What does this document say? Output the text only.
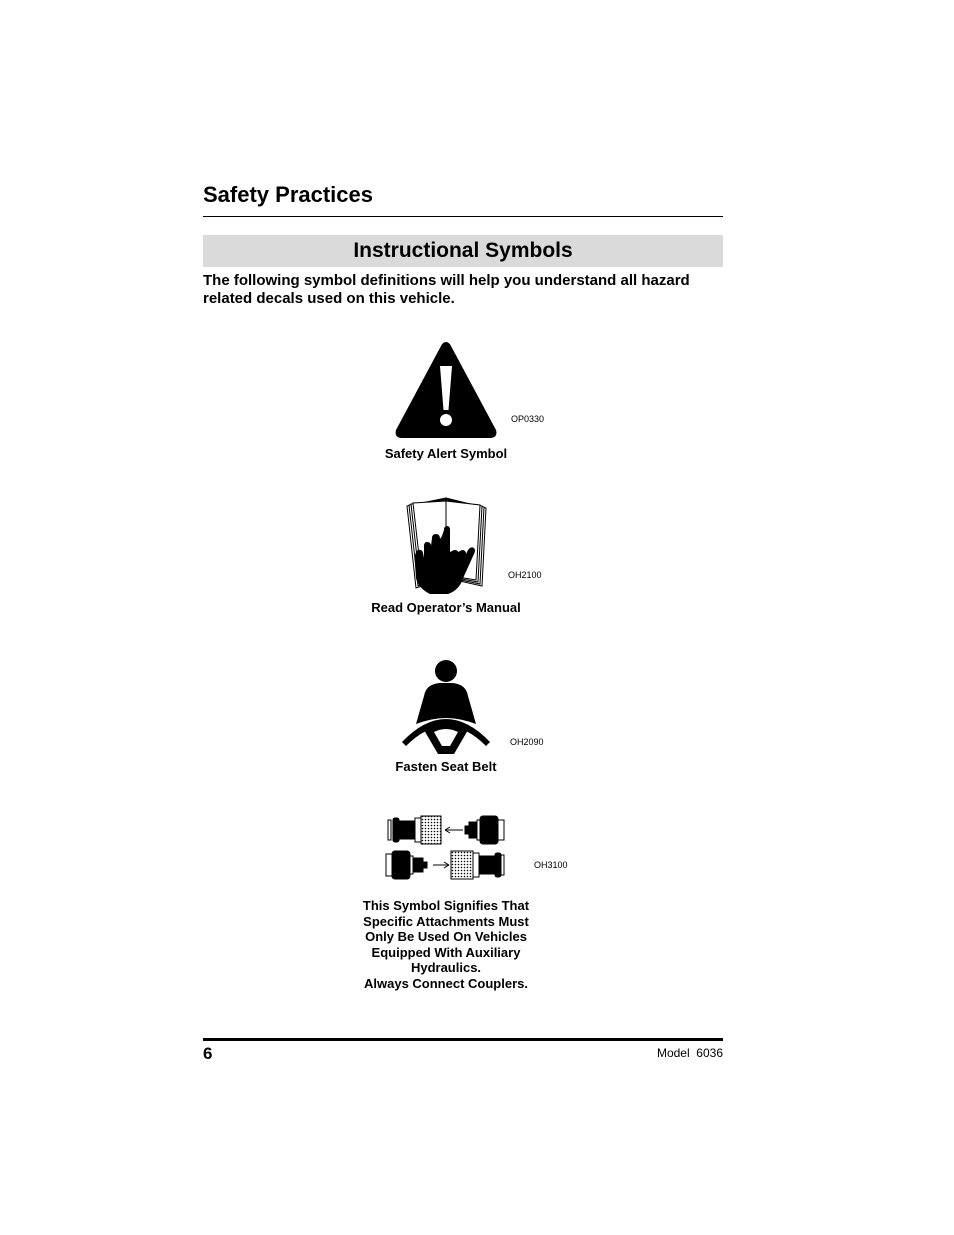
Safety Practices
Instructional Symbols

The following symbol definitions will help you understand all hazard related decals used on this vehicle.

OP0330
Safety Alert Symbol
OH2100
Read Operator’s Manual
OH2090
Fasten Seat Belt
OH3100
This Symbol Signifies That
Specific Attachments Must
Only Be Used On Vehicles
Equipped With Auxiliary
Hydraulics.
Always Connect Couplers.
6	Model  6036
